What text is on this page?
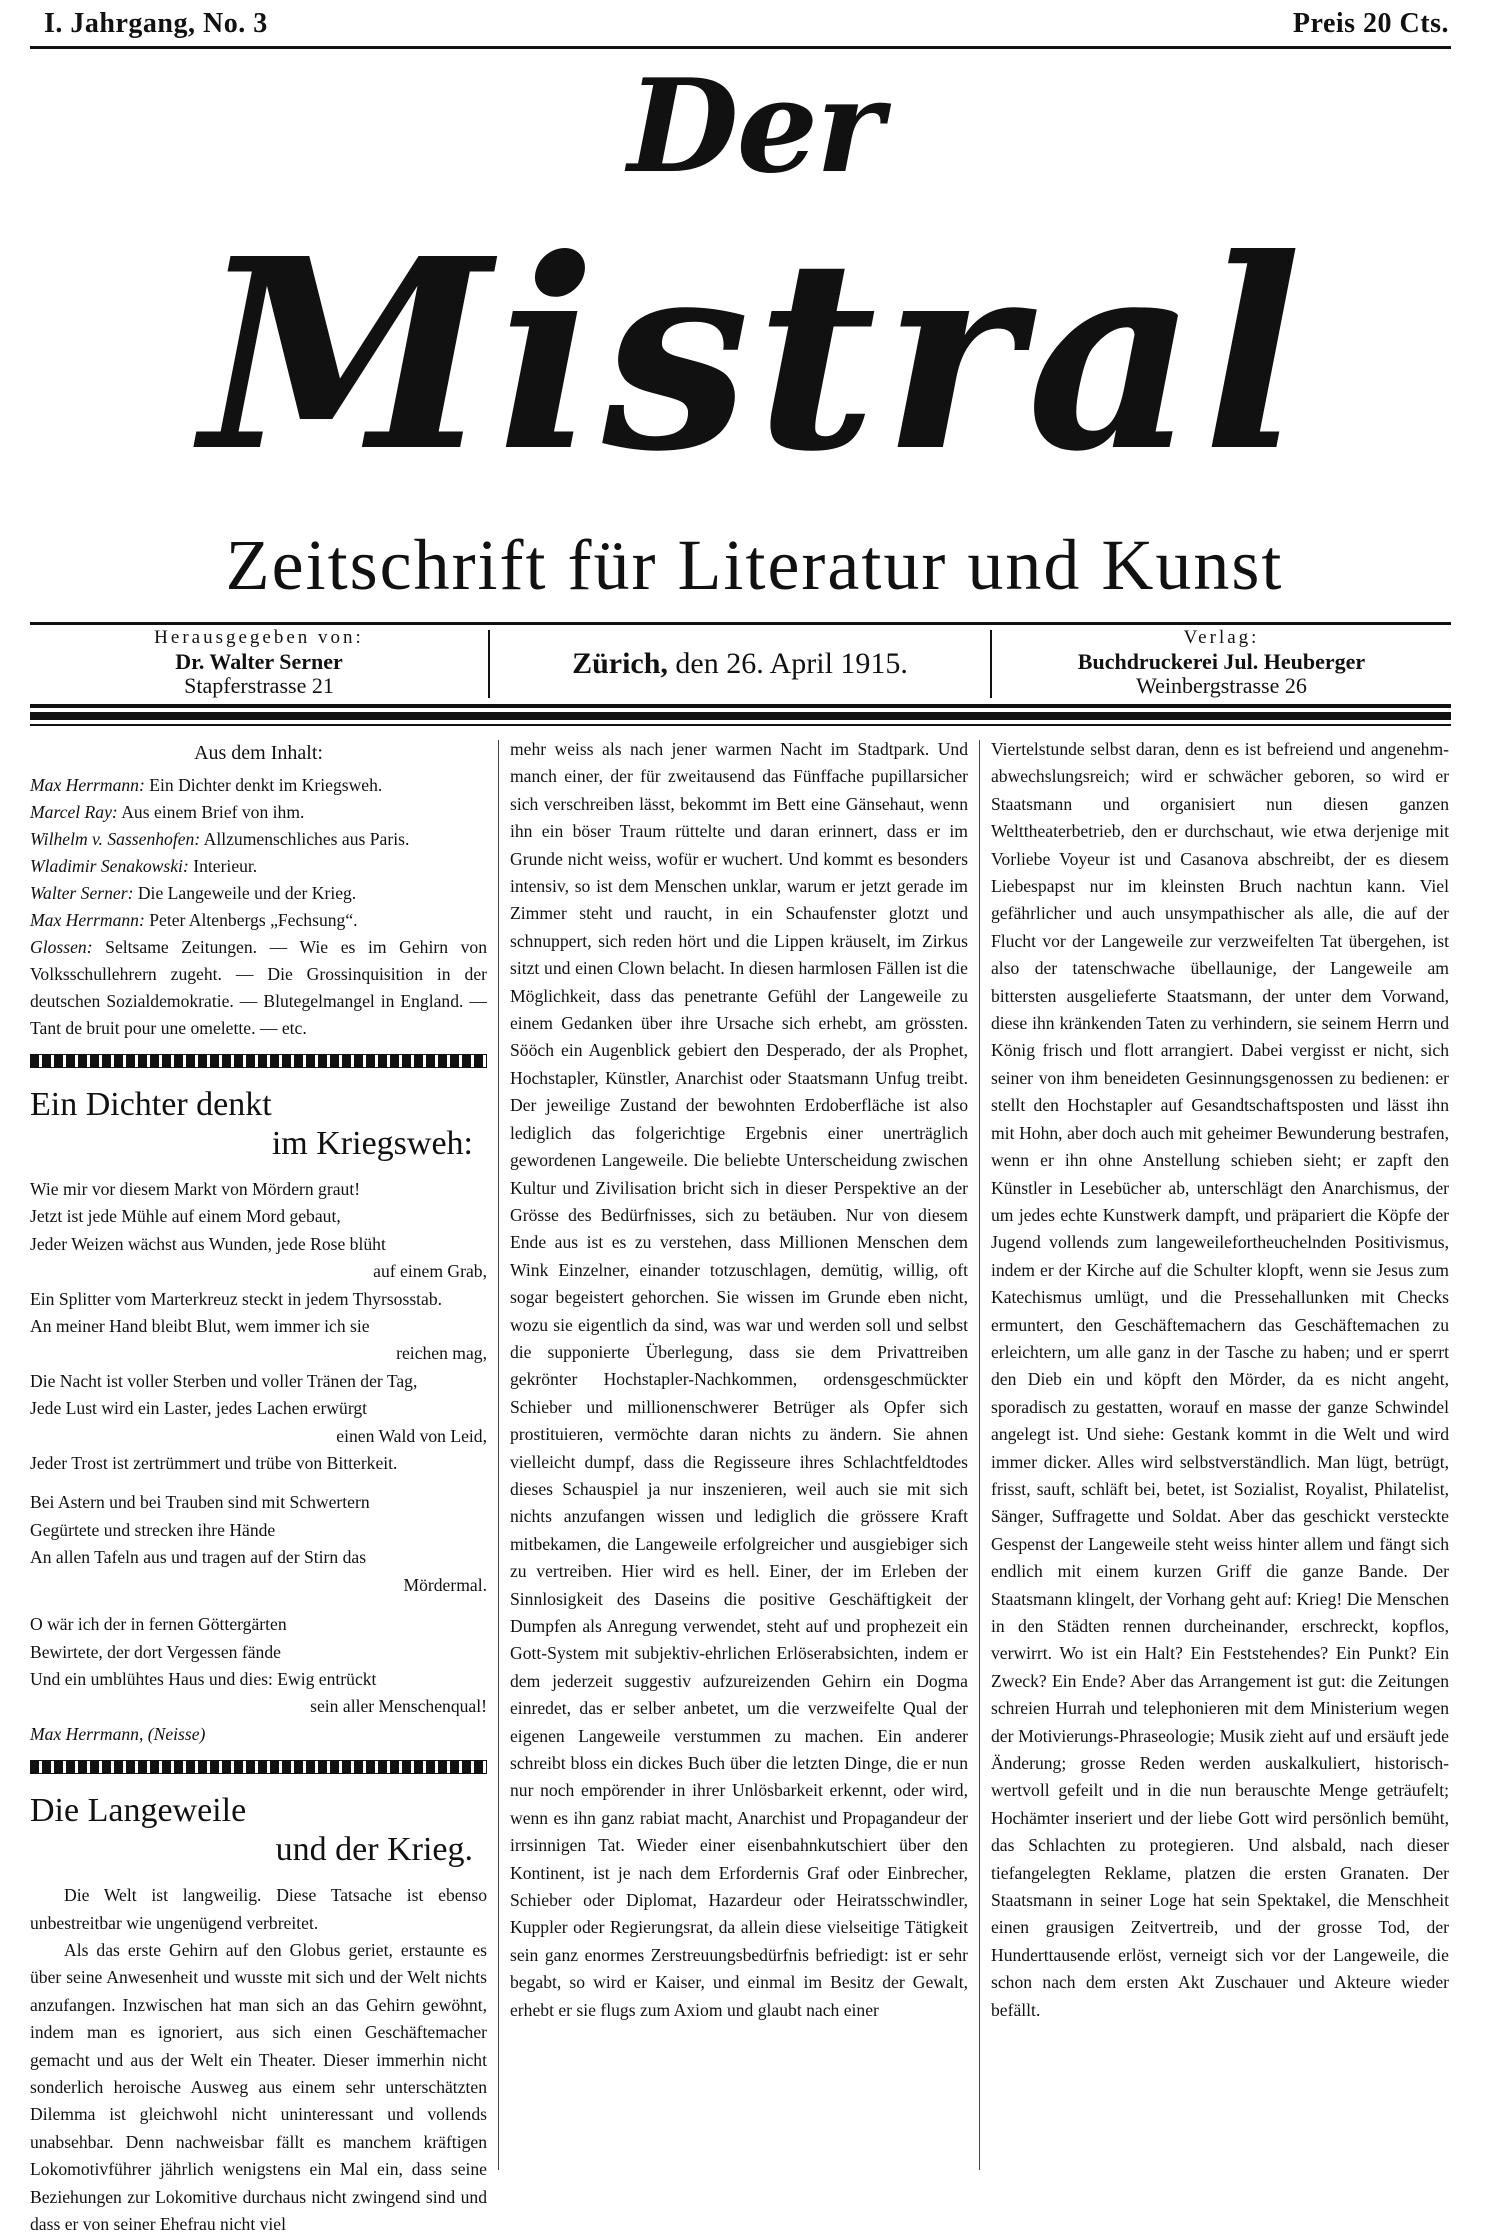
I. Jahrgang, No. 3	Preis 20 Cts.
Der
Mistral
Zeitschrift für Literatur und Kunst
Herausgegeben von:
Dr. Walter Serner
Stapferstrasse 21
Zürich, den 26. April 1915.
Verlag:
Buchdruckerei Jul. Heuberger
Weinbergstrasse 26
Aus dem Inhalt:

Max Herrmann: Ein Dichter denkt im Kriegsweh.

Marcel Ray: Aus einem Brief von ihm.

Wilhelm v. Sassenhofen: Allzumenschliches aus Paris.

Wladimir Senakowski: Interieur.

Walter Serner: Die Langeweile und der Krieg.

Max Herrmann: Peter Altenbergs „Fechsung“.

Glossen: Seltsame Zeitungen. — Wie es im Gehirn von Volksschullehrern zugeht. — Die Grossinquisition in der deutschen Sozialdemokratie. — Blutegelmangel in England. — Tant de bruit pour une omelette. — etc.

Ein Dichter denkt
im Kriegsweh:

Wie mir vor diesem Markt von Mördern graut!

Jetzt ist jede Mühle auf einem Mord gebaut,

Jeder Weizen wächst aus Wunden, jede Rose blüht

auf einem Grab,

Ein Splitter vom Marterkreuz steckt in jedem Thyrsosstab.

An meiner Hand bleibt Blut, wem immer ich sie

reichen mag,

Die Nacht ist voller Sterben und voller Tränen der Tag,

Jede Lust wird ein Laster, jedes Lachen erwürgt

einen Wald von Leid,

Jeder Trost ist zertrümmert und trübe von Bitterkeit.

Bei Astern und bei Trauben sind mit Schwertern

Gegürtete und strecken ihre Hände

An allen Tafeln aus und tragen auf der Stirn das

Mördermal.

O wär ich der in fernen Göttergärten

Bewirtete, der dort Vergessen fände

Und ein umblühtes Haus und dies: Ewig entrückt

sein aller Menschenqual!

Max Herrmann, (Neisse)

Die Langeweile
und der Krieg.

Die Welt ist langweilig. Diese Tatsache ist ebenso unbestreitbar wie ungenügend verbreitet.

Als das erste Gehirn auf den Globus geriet, erstaunte es über seine Anwesenheit und wusste mit sich und der Welt nichts anzufangen. Inzwischen hat man sich an das Gehirn gewöhnt, indem man es ignoriert, aus sich einen Geschäftemacher gemacht und aus der Welt ein Theater. Dieser immerhin nicht sonderlich heroische Ausweg aus einem sehr unterschätzten Dilemma ist gleichwohl nicht uninteressant und vollends unabsehbar. Denn nachweisbar fällt es manchem kräftigen Lokomotivführer jährlich wenigstens ein Mal ein, dass seine Beziehungen zur Lokomitive durchaus nicht zwingend sind und dass er von seiner Ehefrau nicht viel

mehr weiss als nach jener warmen Nacht im Stadtpark. Und manch einer, der für zweitausend das Fünffache pupillarsicher sich verschreiben lässt, bekommt im Bett eine Gänsehaut, wenn ihn ein böser Traum rüttelte und daran erinnert, dass er im Grunde nicht weiss, wofür er wuchert. Und kommt es besonders intensiv, so ist dem Menschen unklar, warum er jetzt gerade im Zimmer steht und raucht, in ein Schaufenster glotzt und schnuppert, sich reden hört und die Lippen kräuselt, im Zirkus sitzt und einen Clown belacht. In diesen harmlosen Fällen ist die Möglichkeit, dass das penetrante Gefühl der Langeweile zu einem Gedanken über ihre Ursache sich erhebt, am grössten. Sööch ein Augenblick gebiert den Desperado, der als Prophet, Hochstapler, Künstler, Anarchist oder Staatsmann Unfug treibt. Der jeweilige Zustand der bewohnten Erdoberfläche ist also lediglich das folgerichtige Ergebnis einer unerträglich gewordenen Langeweile. Die beliebte Unterscheidung zwischen Kultur und Zivilisation bricht sich in dieser Perspektive an der Grösse des Bedürfnisses, sich zu betäuben. Nur von diesem Ende aus ist es zu verstehen, dass Millionen Menschen dem Wink Einzelner, einander totzuschlagen, demütig, willig, oft sogar begeistert gehorchen. Sie wissen im Grunde eben nicht, wozu sie eigentlich da sind, was war und werden soll und selbst die supponierte Überlegung, dass sie dem Privattreiben gekrönter Hochstapler-Nachkommen, ordensgeschmückter Schieber und millionenschwerer Betrüger als Opfer sich prostituieren, vermöchte daran nichts zu ändern. Sie ahnen vielleicht dumpf, dass die Regisseure ihres Schlachtfeldtodes dieses Schauspiel ja nur inszenieren, weil auch sie mit sich nichts anzufangen wissen und lediglich die grössere Kraft mitbekamen, die Langeweile erfolgreicher und ausgiebiger sich zu vertreiben. Hier wird es hell. Einer, der im Erleben der Sinnlosigkeit des Daseins die positive Geschäftigkeit der Dumpfen als Anregung verwendet, steht auf und prophezeit ein Gott-System mit subjektiv-ehrlichen Erlöserabsichten, indem er dem jederzeit suggestiv aufzureizenden Gehirn ein Dogma einredet, das er selber anbetet, um die verzweifelte Qual der eigenen Langeweile verstummen zu machen. Ein anderer schreibt bloss ein dickes Buch über die letzten Dinge, die er nun nur noch empörender in ihrer Unlösbarkeit erkennt, oder wird, wenn es ihn ganz rabiat macht, Anarchist und Propagandeur der irrsinnigen Tat. Wieder einer eisenbahnkutschiert über den Kontinent, ist je nach dem Erfordernis Graf oder Einbrecher, Schieber oder Diplomat, Hazardeur oder Heiratsschwindler, Kuppler oder Regierungsrat, da allein diese vielseitige Tätigkeit sein ganz enormes Zerstreuungsbedürfnis befriedigt: ist er sehr begabt, so wird er Kaiser, und einmal im Besitz der Gewalt, erhebt er sie flugs zum Axiom und glaubt nach einer

Viertelstunde selbst daran, denn es ist befreiend und angenehm-abwechslungsreich; wird er schwächer geboren, so wird er Staatsmann und organisiert nun diesen ganzen Welttheaterbetrieb, den er durchschaut, wie etwa derjenige mit Vorliebe Voyeur ist und Casanova abschreibt, der es diesem Liebespapst nur im kleinsten Bruch nachtun kann. Viel gefährlicher und auch unsympathischer als alle, die auf der Flucht vor der Langeweile zur verzweifelten Tat übergehen, ist also der tatenschwache übellaunige, der Langeweile am bittersten ausgelieferte Staatsmann, der unter dem Vorwand, diese ihn kränkenden Taten zu verhindern, sie seinem Herrn und König frisch und flott arrangiert. Dabei vergisst er nicht, sich seiner von ihm beneideten Gesinnungsgenossen zu bedienen: er stellt den Hochstapler auf Gesandtschaftsposten und lässt ihn mit Hohn, aber doch auch mit geheimer Bewunderung bestrafen, wenn er ihn ohne Anstellung schieben sieht; er zapft den Künstler in Lesebücher ab, unterschlägt den Anarchismus, der um jedes echte Kunstwerk dampft, und präpariert die Köpfe der Jugend vollends zum langeweilefortheuchelnden Positivismus, indem er der Kirche auf die Schulter klopft, wenn sie Jesus zum Katechismus umlügt, und die Pressehallunken mit Checks ermuntert, den Geschäftemachern das Geschäftemachen zu erleichtern, um alle ganz in der Tasche zu haben; und er sperrt den Dieb ein und köpft den Mörder, da es nicht angeht, sporadisch zu gestatten, worauf en masse der ganze Schwindel angelegt ist. Und siehe: Gestank kommt in die Welt und wird immer dicker. Alles wird selbstverständlich. Man lügt, betrügt, frisst, sauft, schläft bei, betet, ist Sozialist, Royalist, Philatelist, Sänger, Suffragette und Soldat. Aber das geschickt versteckte Gespenst der Langeweile steht weiss hinter allem und fängt sich endlich mit einem kurzen Griff die ganze Bande. Der Staatsmann klingelt, der Vorhang geht auf: Krieg! Die Menschen in den Städten rennen durcheinander, erschreckt, kopflos, verwirrt. Wo ist ein Halt? Ein Feststehendes? Ein Punkt? Ein Zweck? Ein Ende? Aber das Arrangement ist gut: die Zeitungen schreien Hurrah und telephonieren mit dem Ministerium wegen der Motivierungs-Phraseologie; Musik zieht auf und ersäuft jede Änderung; grosse Reden werden auskalkuliert, historisch-wertvoll gefeilt und in die nun berauschte Menge geträufelt; Hochämter inseriert und der liebe Gott wird persönlich bemüht, das Schlachten zu protegieren. Und alsbald, nach dieser tiefangelegten Reklame, platzen die ersten Granaten. Der Staatsmann in seiner Loge hat sein Spektakel, die Menschheit einen grausigen Zeitvertreib, und der grosse Tod, der Hunderttausende erlöst, verneigt sich vor der Langeweile, die schon nach dem ersten Akt Zuschauer und Akteure wieder befällt.
